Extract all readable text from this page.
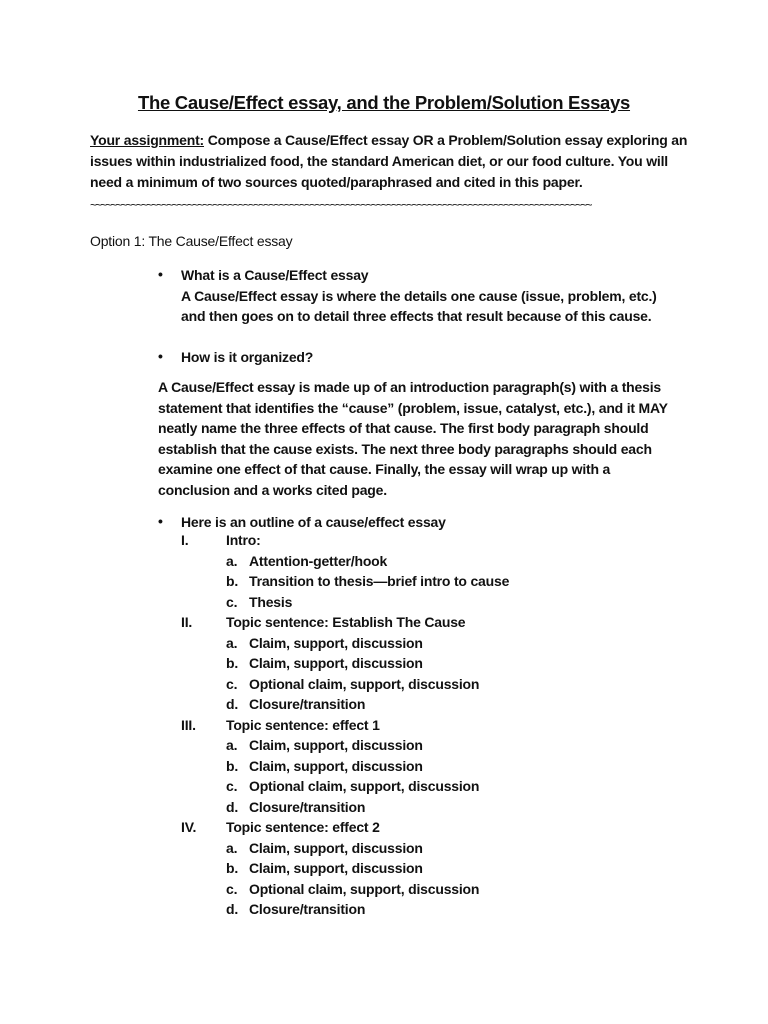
The Cause/Effect essay, and the Problem/Solution Essays
Your assignment: Compose a Cause/Effect essay OR a Problem/Solution essay exploring an issues within industrialized food, the standard American diet, or our food culture. You will need a minimum of two sources quoted/paraphrased and cited in this paper.
~~~~~~~~~~~~~~~~~~~~~~~~~~~~~~~~~~~~~~~~~~~~~~~~~~~~~~~~~~~~~~~~~~~~~~~~~~~~~~~~~~~~~~~~~~~~~~~~~~
Option 1: The Cause/Effect essay
• What is a Cause/Effect essay
A Cause/Effect essay is where the details one cause (issue, problem, etc.) and then goes on to detail three effects that result because of this cause.
• How is it organized?
A Cause/Effect essay is made up of an introduction paragraph(s) with a thesis statement that identifies the “cause” (problem, issue, catalyst, etc.), and it MAY neatly name the three effects of that cause. The first body paragraph should establish that the cause exists. The next three body paragraphs should each examine one effect of that cause. Finally, the essay will wrap up with a conclusion and a works cited page.
• Here is an outline of a cause/effect essay
I.	Intro:
a. Attention-getter/hook
b. Transition to thesis—brief intro to cause
c. Thesis
II. Topic sentence: Establish The Cause
a. Claim, support, discussion
b. Claim, support, discussion
c. Optional claim, support, discussion
d. Closure/transition
III. Topic sentence: effect 1
a. Claim, support, discussion
b. Claim, support, discussion
c. Optional claim, support, discussion
d. Closure/transition
IV. Topic sentence: effect 2
a. Claim, support, discussion
b. Claim, support, discussion
c. Optional claim, support, discussion
d. Closure/transition
